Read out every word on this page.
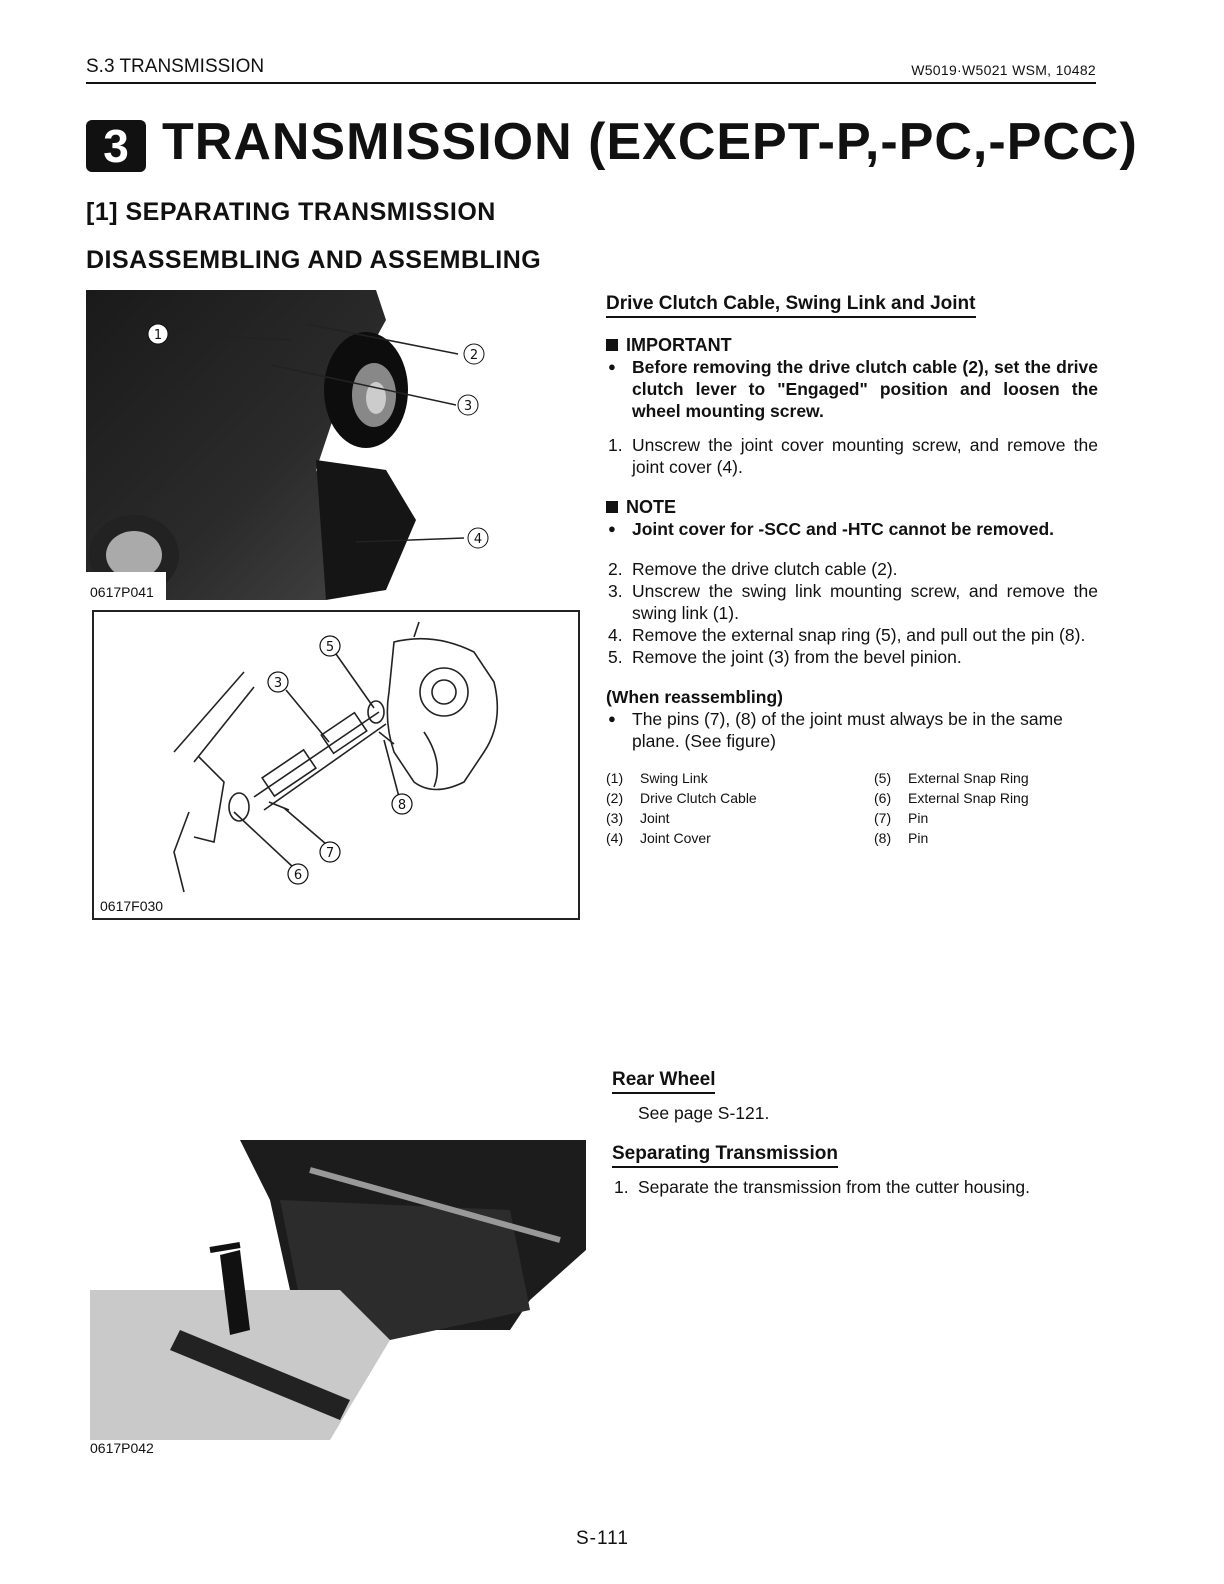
S.3 TRANSMISSION	W5019·W5021 WSM, 10482
3 TRANSMISSION (EXCEPT-P,-PC,-PCC)
[1] SEPARATING TRANSMISSION
DISASSEMBLING AND ASSEMBLING
1
2
3
4
0617P041
5
3
8
7
6
0617F030
0617P042
Drive Clutch Cable, Swing Link and Joint
IMPORTANT
● Before removing the drive clutch cable (2), set the drive clutch lever to "Engaged" position and loosen the wheel mounting screw.
1. Unscrew the joint cover mounting screw, and remove the joint cover (4).
NOTE
● Joint cover for -SCC and -HTC cannot be removed.
2. Remove the drive clutch cable (2).
3. Unscrew the swing link mounting screw, and remove the swing link (1).
4. Remove the external snap ring (5), and pull out the pin (8).
5. Remove the joint (3) from the bevel pinion.
(When reassembling)
● The pins (7), (8) of the joint must always be in the same plane. (See figure)
(1)	Swing Link	(5)	External Snap Ring
(2)	Drive Clutch Cable	(6)	External Snap Ring
(3)	Joint	(7)	Pin
(4)	Joint Cover	(8)	Pin
Rear Wheel
See page S-121.
Separating Transmission
1. Separate the transmission from the cutter housing.
S-111
